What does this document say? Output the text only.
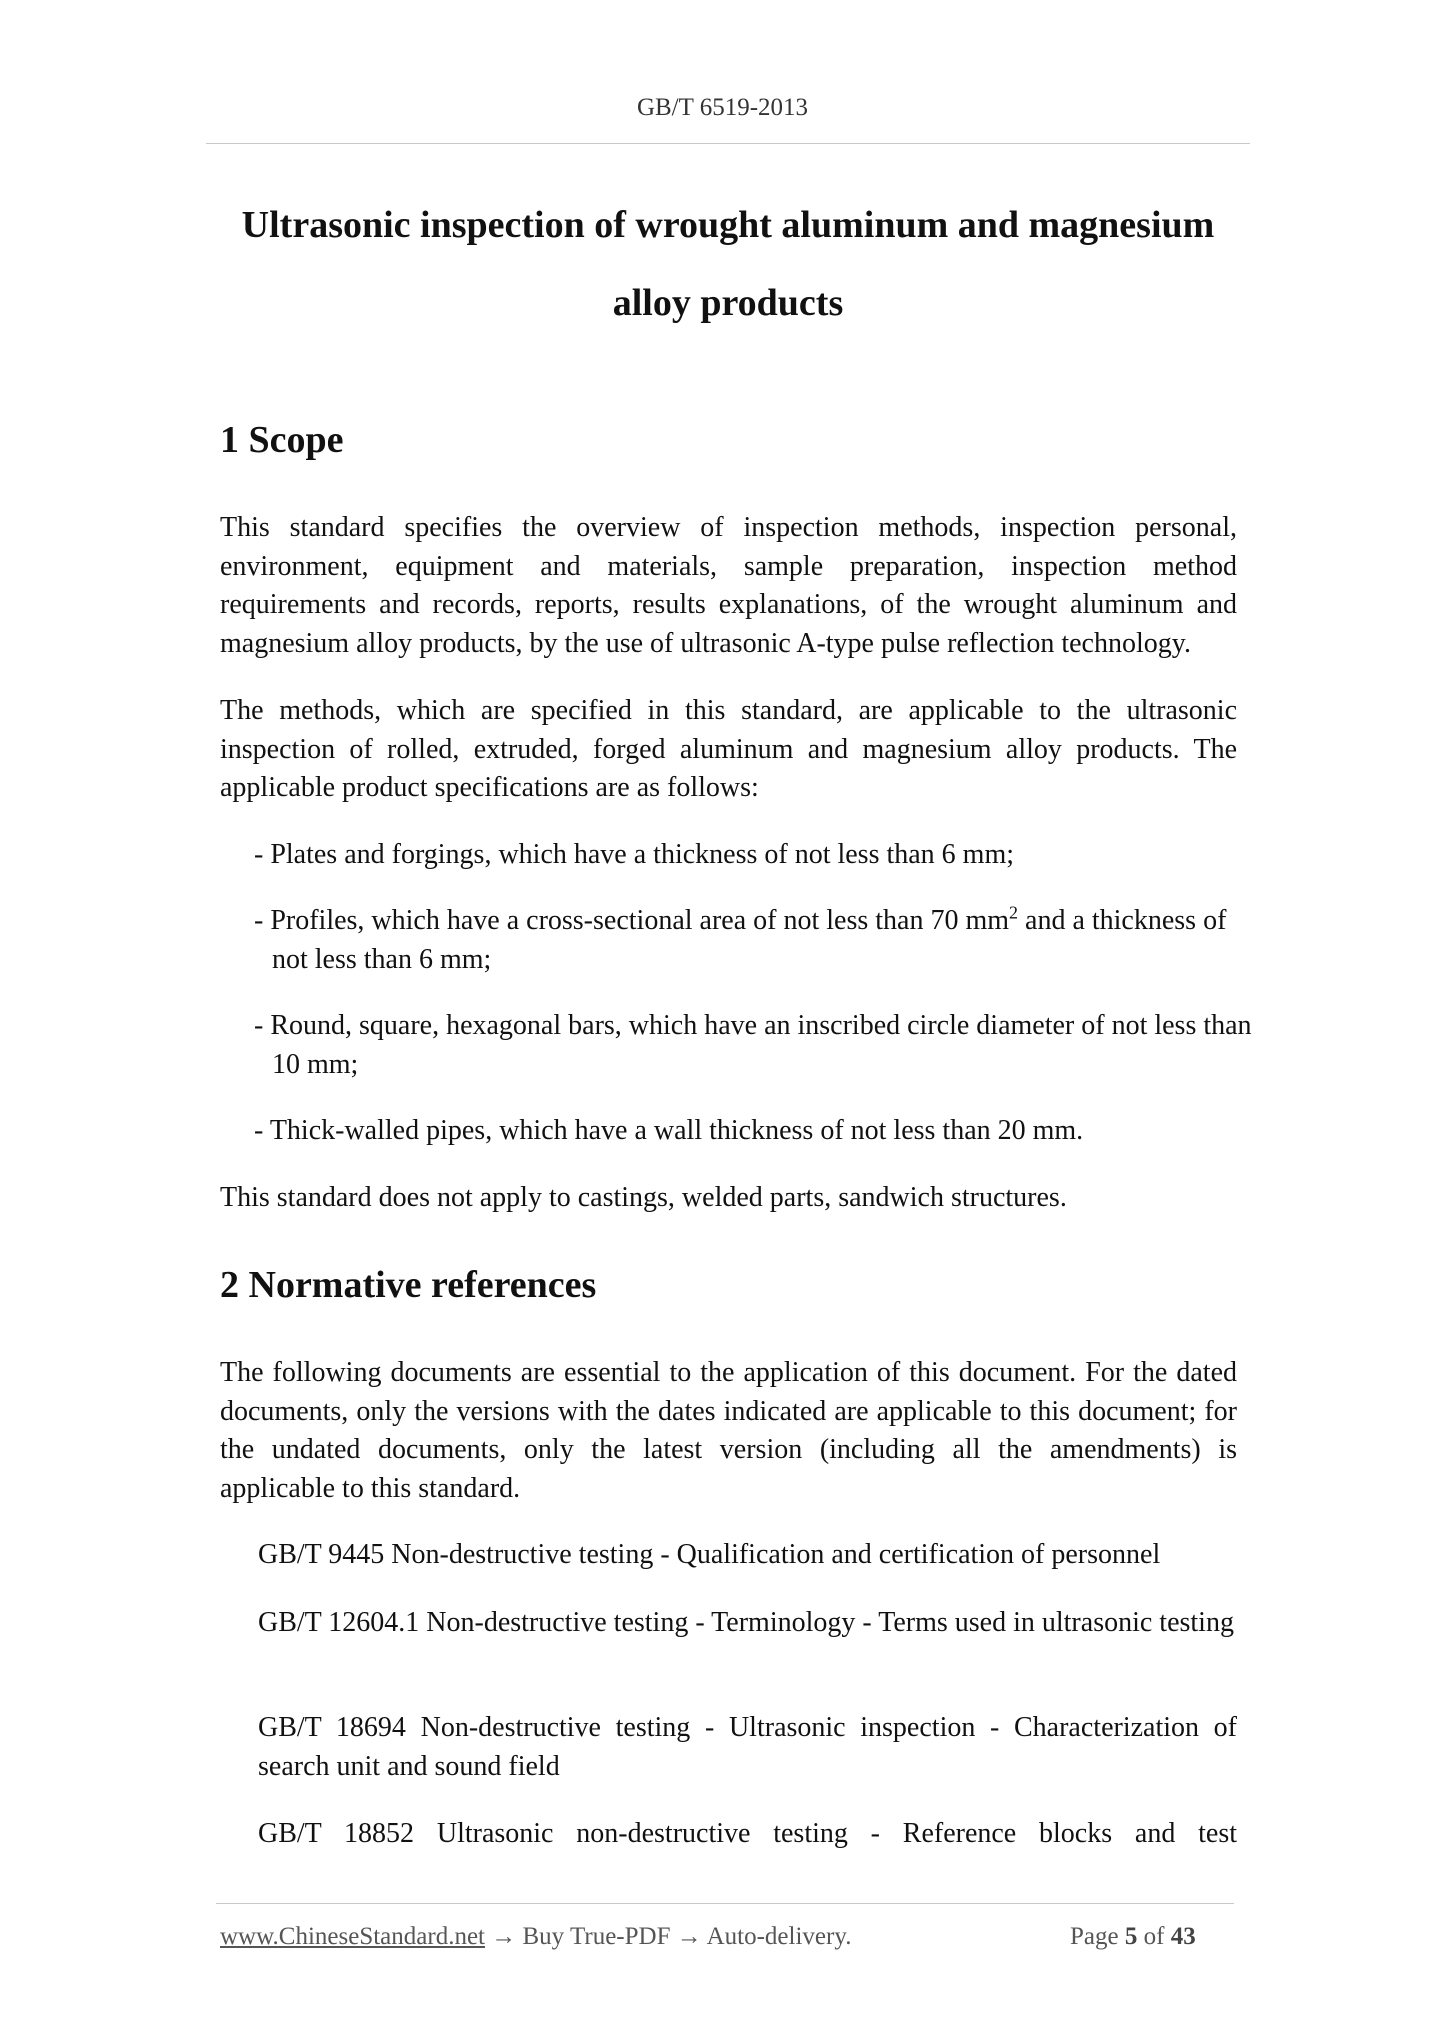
GB/T 6519-2013
Ultrasonic inspection of wrought aluminum and magnesium
alloy products
1 Scope
This standard specifies the overview of inspection methods, inspection personal, environment, equipment and materials, sample preparation, inspection method requirements and records, reports, results explanations, of the wrought aluminum and magnesium alloy products, by the use of ultrasonic A-type pulse reflection technology.
The methods, which are specified in this standard, are applicable to the ultrasonic inspection of rolled, extruded, forged aluminum and magnesium alloy products. The applicable product specifications are as follows:
- Plates and forgings, which have a thickness of not less than 6 mm;
- Profiles, which have a cross-sectional area of not less than 70 $mm^2$ and a thickness of not less than 6 mm;
- Round, square, hexagonal bars, which have an inscribed circle diameter of not less than 10 mm;
- Thick-walled pipes, which have a wall thickness of not less than 20 mm.
This standard does not apply to castings, welded parts, sandwich structures.
2 Normative references
The following documents are essential to the application of this document. For the dated documents, only the versions with the dates indicated are applicable to this document; for the undated documents, only the latest version (including all the amendments) is applicable to this standard.
GB/T 9445 Non-destructive testing - Qualification and certification of personnel
GB/T 12604.1 Non-destructive testing - Terminology - Terms used in ultrasonic testing
GB/T 18694 Non-destructive testing - Ultrasonic inspection - Characterization of search unit and sound field
GB/T 18852 Ultrasonic non-destructive testing - Reference blocks and test
www.ChineseStandard.net → Buy True-PDF → Auto-delivery.	Page 5 of 43
